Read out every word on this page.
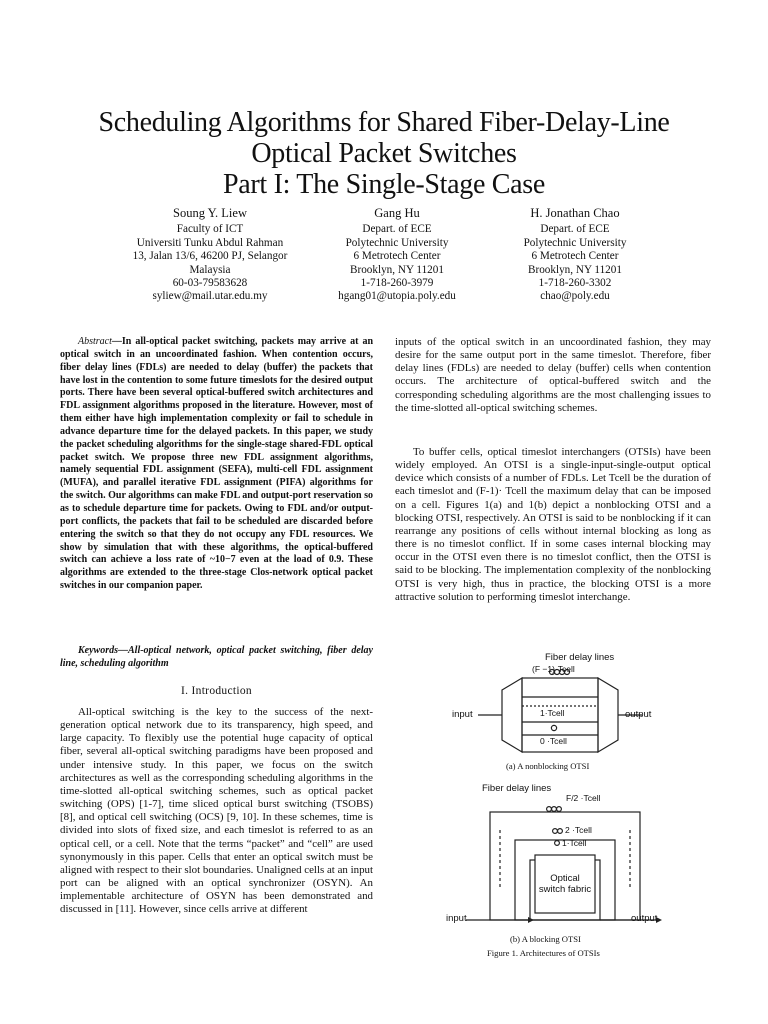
Scheduling Algorithms for Shared Fiber-Delay-Line
Optical Packet Switches
Part I: The Single-Stage Case
Soung Y. Liew
Faculty of ICT
Universiti Tunku Abdul Rahman
13, Jalan 13/6, 46200 PJ, Selangor
Malaysia
60-03-79583628
syliew@mail.utar.edu.my
Gang Hu
Depart. of ECE
Polytechnic University
6 Metrotech Center
Brooklyn, NY 11201
1-718-260-3979
hgang01@utopia.poly.edu
H. Jonathan Chao
Depart. of ECE
Polytechnic University
6 Metrotech Center
Brooklyn, NY 11201
1-718-260-3302
chao@poly.edu
Abstract—In all-optical packet switching, packets may arrive at an optical switch in an uncoordinated fashion. When contention occurs, fiber delay lines (FDLs) are needed to delay (buffer) the packets that have lost in the contention to some future timeslots for the desired output ports. There have been several optical-buffered switch architectures and FDL assignment algorithms proposed in the literature. However, most of them either have high implementation complexity or fail to schedule in advance departure time for the delayed packets. In this paper, we study the packet scheduling algorithms for the single-stage shared-FDL optical packet switch. We propose three new FDL assignment algorithms, namely sequential FDL assignment (SEFA), multi-cell FDL assignment (MUFA), and parallel iterative FDL assignment (PIFA) algorithms for the switch. Our algorithms can make FDL and output-port reservation so as to schedule departure time for packets. Owing to FDL and/or output-port conflicts, the packets that fail to be scheduled are discarded before entering the switch so that they do not occupy any FDL resources. We show by simulation that with these algorithms, the optical-buffered switch can achieve a loss rate of ~10−7 even at the load of 0.9. These algorithms are extended to the three-stage Clos-network optical packet switches in our companion paper.
Keywords—All-optical network, optical packet switching, fiber delay line, scheduling algorithm
I. Introduction
All-optical switching is the key to the success of the next-generation optical network due to its transparency, high speed, and large capacity. To flexibly use the potential huge capacity of optical fiber, several all-optical switching paradigms have been proposed and under intensive study. In this paper, we focus on the switch architectures as well as the corresponding scheduling algorithms in the time-slotted all-optical switching schemes, such as optical packet switching (OPS) [1-7], time sliced optical burst switching (TSOBS) [8], and optical cell switching (OCS) [9, 10]. In these schemes, time is divided into slots of fixed size, and each timeslot is referred to as an optical cell, or a cell. Note that the terms “packet” and “cell” are used synonymously in this paper. Cells that enter an optical switch must be aligned with respect to their slot boundaries. Unaligned cells at an input port can be aligned with an optical synchronizer (OSYN). An implementable architecture of OSYN has been demonstrated and discussed in [11]. However, since cells arrive at different
inputs of the optical switch in an uncoordinated fashion, they may desire for the same output port in the same timeslot. Therefore, fiber delay lines (FDLs) are needed to delay (buffer) cells when contention occurs. The architecture of optical-buffered switch and the corresponding scheduling algorithms are the most challenging issues to the time-slotted all-optical switching schemes.
To buffer cells, optical timeslot interchangers (OTSIs) have been widely employed. An OTSI is a single-input-single-output optical device which consists of a number of FDLs. Let Tcell be the duration of each timeslot and (F-1)· Tcell the maximum delay that can be imposed on a cell. Figures 1(a) and 1(b) depict a nonblocking OTSI and a blocking OTSI, respectively. An OTSI is said to be nonblocking if it can rearrange any positions of cells without internal blocking as long as there is no timeslot conflict. If in some cases internal blocking may occur in the OTSI even there is no timeslot conflict, then the OTSI is said to be blocking. The implementation complexity of the nonblocking OTSI is very high, thus in practice, the blocking OTSI is a more attractive solution to performing timeslot interchange.
Fiber delay lines
(F −1)·Tcell
1·Tcell
0 ·Tcell
input	output
(a) A nonblocking OTSI
Fiber delay lines
F/2 ·Tcell
2 ·Tcell
1·Tcell
Optical switch fabric
input	output
(b) A blocking OTSI
Figure 1. Architectures of OTSIs
